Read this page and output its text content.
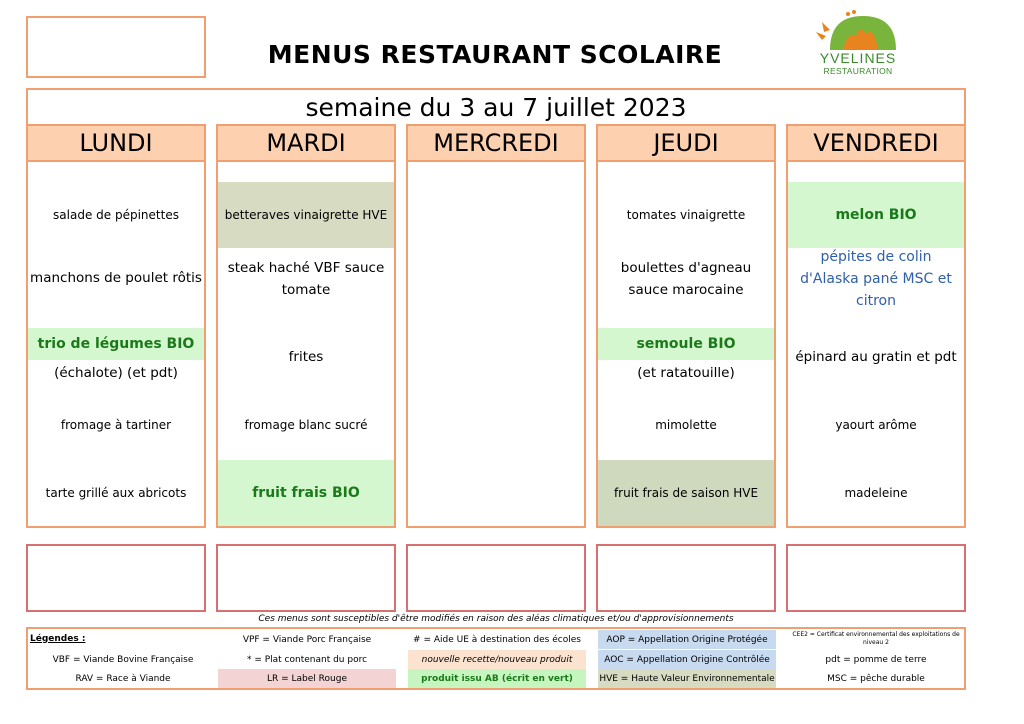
MENUS RESTAURANT SCOLAIRE	YVELINES
RESTAURATION
semaine du 3 au 7 juillet 2023
LUNDI
salade de pépinettes
manchons de poulet rôtis
trio de légumes BIO
(échalote) (et pdt)
fromage à tartiner
tarte grillé aux abricots
MARDI
betteraves vinaigrette HVE
steak haché VBF sauce tomate
frites
fromage blanc sucré
fruit frais BIO
MERCREDI	JEUDI
tomates vinaigrette
boulettes d'agneau sauce marocaine
semoule BIO
(et ratatouille)
mimolette
fruit frais de saison HVE
VENDREDI
melon BIO
pépites de colin d'Alaska pané MSC et citron
épinard au gratin et pdt
yaourt arôme
madeleine
Ces menus sont susceptibles d'être modifiés en raison des aléas climatiques et/ou d'approvisionnements
Légendes :
VBF = Viande Bovine Française
RAV = Race à Viande
VPF = Viande Porc Française
* = Plat contenant du porc
LR = Label Rouge
# = Aide UE à destination des écoles
nouvelle recette/nouveau produit
produit issu AB (écrit en vert)
AOP = Appellation Origine Protégée
AOC = Appellation Origine Contrôlée
HVE = Haute Valeur Environnementale
CEE2 = Certificat environnemental des exploitations de niveau 2
pdt = pomme de terre
MSC = pêche durable
